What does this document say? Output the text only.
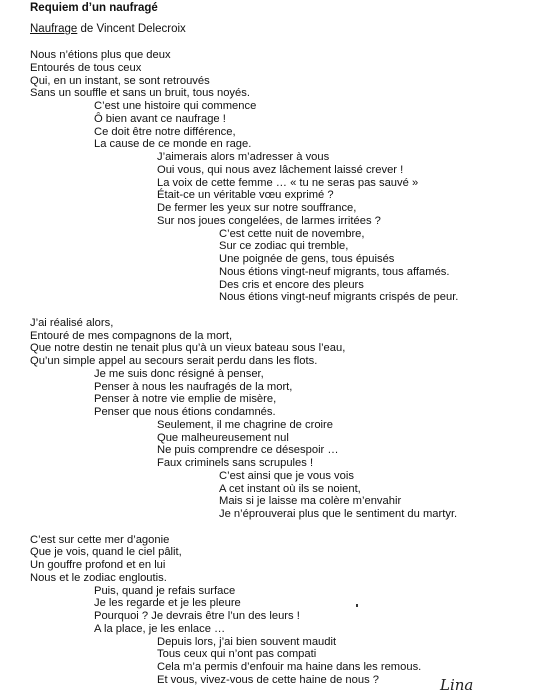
Requiem d’un naufragé
Naufrage de Vincent Delecroix
Nous n’étions plus que deux
Entourés de tous ceux
Qui, en un instant, se sont retrouvés
Sans un souffle et sans un bruit, tous noyés.
C’est une histoire qui commence
Ô bien avant ce naufrage !
Ce doit être notre différence,
La cause de ce monde en rage.
J’aimerais alors m’adresser à vous
Oui vous, qui nous avez lâchement laissé crever !
La voix de cette femme … « tu ne seras pas sauvé »
Était-ce un véritable vœu exprimé ?
De fermer les yeux sur notre souffrance,
Sur nos joues congelées, de larmes irritées ?
C’est cette nuit de novembre,
Sur ce zodiac qui tremble,
Une poignée de gens, tous épuisés
Nous étions vingt-neuf migrants, tous affamés.
Des cris et encore des pleurs
Nous étions vingt-neuf migrants crispés de peur.
J’ai réalisé alors,
Entouré de mes compagnons de la mort,
Que notre destin ne tenait plus qu’à un vieux bateau sous l’eau,
Qu’un simple appel au secours serait perdu dans les flots.
Je me suis donc résigné à penser,
Penser à nous les naufragés de la mort,
Penser à notre vie emplie de misère,
Penser que nous étions condamnés.
Seulement, il me chagrine de croire
Que malheureusement nul
Ne puis comprendre ce désespoir …
Faux criminels sans scrupules !
C’est ainsi que je vous vois
A cet instant où ils se noient,
Mais si je laisse ma colère m’envahir
Je n’éprouverai plus que le sentiment du martyr.
C’est sur cette mer d’agonie
Que je vois, quand le ciel pâlit,
Un gouffre profond et en lui
Nous et le zodiac engloutis.
Puis, quand je refais surface
Je les regarde et je les pleure
Pourquoi ? Je devrais être l’un des leurs !
A la place, je les enlace …
Depuis lors, j’ai bien souvent maudit
Tous ceux qui n’ont pas compati
Cela m’a permis d’enfouir ma haine dans les remous.
Et vous, vivez-vous de cette haine de nous ?	Lina
